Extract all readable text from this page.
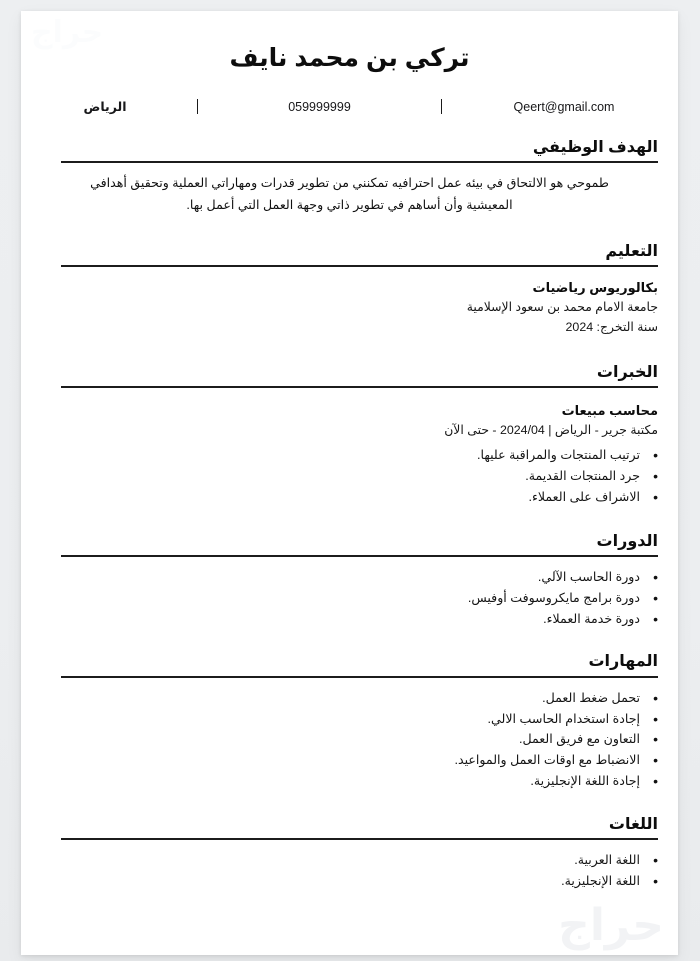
تركي بن محمد نايف
الرياض	059999999	Qeert@gmail.com
الهدف الوظيفي

طموحي هو الالتحاق في بيئه عمل احترافيه تمكنني من تطوير قدرات ومهاراتي العملية وتحقيق أهدافي المعيشية وأن أساهم في تطوير ذاتي وجهة العمل التي أعمل بها.

التعليم

بكالوريوس رياضيات

جامعة الامام محمد بن سعود الإسلامية

سنة التخرج: 2024

الخبرات

محاسب مبيعات

مكتبة جرير - الرياض | 2024/04 - حتى الآن

• ترتيب المنتجات والمراقبة عليها.
• جرد المنتجات القديمة.
• الاشراف على العملاء.
الدورات
• دورة الحاسب الآلي.
• دورة برامج مايكروسوفت أوفيس.
• دورة خدمة العملاء.
المهارات
• تحمل ضغط العمل.
• إجادة استخدام الحاسب الالي.
• التعاون مع فريق العمل.
• الانضباط مع اوقات العمل والمواعيد.
• إجادة اللغة الإنجليزية.
اللغات
• اللغة العربية.
• اللغة الإنجليزية.
حراج
حراج
